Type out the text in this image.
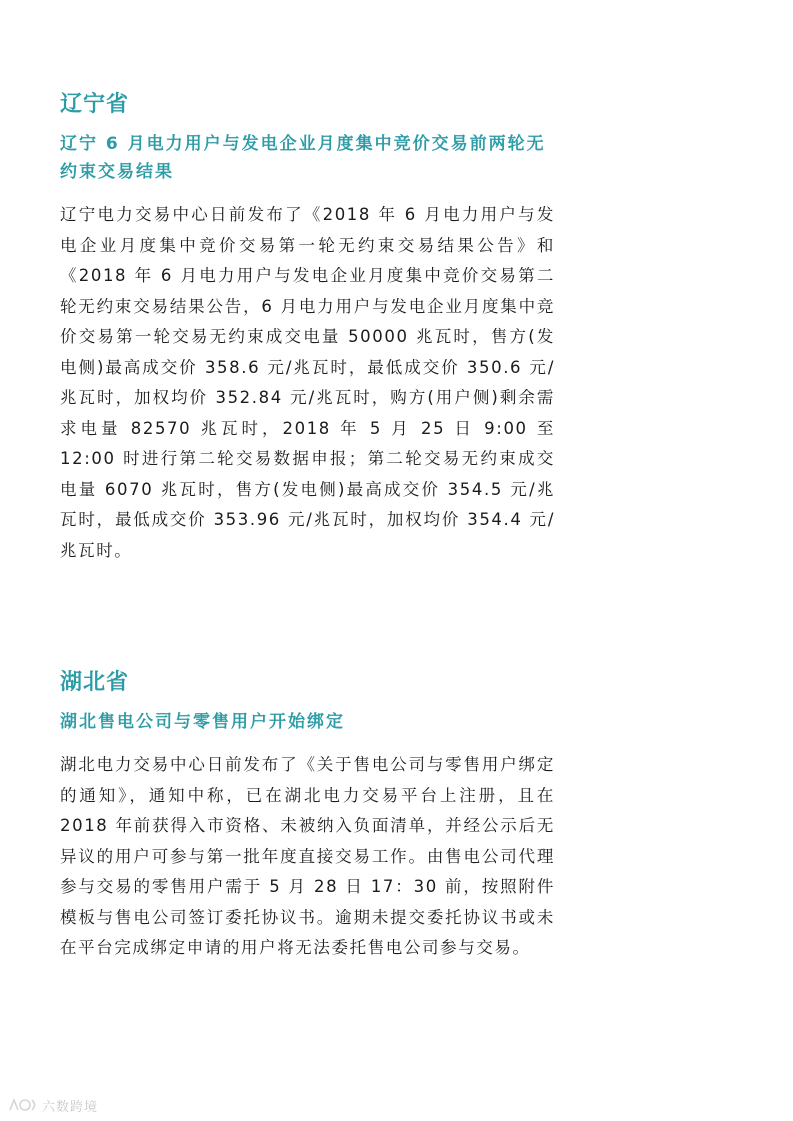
辽宁省
辽宁 6 月电力用户与发电企业月度集中竞价交易前两轮无约束交易结果

辽宁电力交易中心日前发布了《2018 年 6 月电力用户与发电企业月度集中竞价交易第一轮无约束交易结果公告》和《2018 年 6 月电力用户与发电企业月度集中竞价交易第二轮无约束交易结果公告，6 月电力用户与发电企业月度集中竞价交易第一轮交易无约束成交电量 50000 兆瓦时，售方(发电侧)最高成交价 358.6 元/兆瓦时，最低成交价 350.6 元/兆瓦时，加权均价 352.84 元/兆瓦时，购方(用户侧)剩余需求电量 82570 兆瓦时，2018 年 5 月 25 日 9:00 至 12:00 时进行第二轮交易数据申报；第二轮交易无约束成交电量 6070 兆瓦时，售方(发电侧)最高成交价 354.5 元/兆瓦时，最低成交价 353.96 元/兆瓦时，加权均价 354.4 元/兆瓦时。

湖北省
湖北售电公司与零售用户开始绑定

湖北电力交易中心日前发布了《关于售电公司与零售用户绑定的通知》，通知中称，已在湖北电力交易平台上注册，且在 2018 年前获得入市资格、未被纳入负面清单，并经公示后无异议的用户可参与第一批年度直接交易工作。由售电公司代理参与交易的零售用户需于 5 月 28 日 17：30 前，按照附件模板与售电公司签订委托协议书。逾期未提交委托协议书或未在平台完成绑定申请的用户将无法委托售电公司参与交易。

六数跨境
